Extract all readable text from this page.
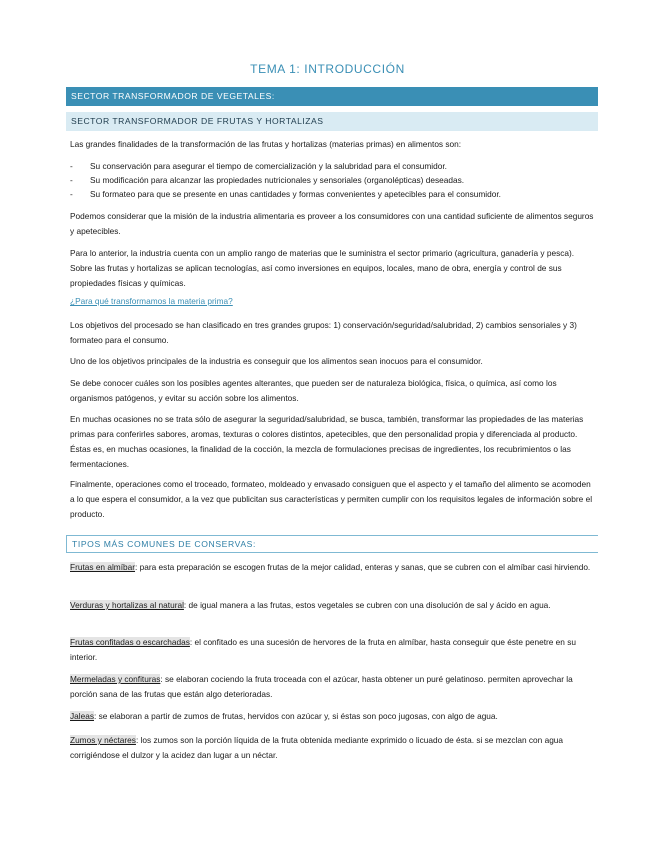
TEMA 1: INTRODUCCIÓN
SECTOR TRANSFORMADOR DE VEGETALES:
SECTOR TRANSFORMADOR DE FRUTAS Y HORTALIZAS

Las grandes finalidades de la transformación de las frutas y hortalizas (materias primas) en alimentos son:

- Su conservación para asegurar el tiempo de comercialización y la salubridad para el consumidor.
- Su modificación para alcanzar las propiedades nutricionales y sensoriales (organolépticas) deseadas.
- Su formateo para que se presente en unas cantidades y formas convenientes y apetecibles para el consumidor.

Podemos considerar que la misión de la industria alimentaria es proveer a los consumidores con una cantidad suficiente de alimentos seguros y apetecibles.

Para lo anterior, la industria cuenta con un amplio rango de materias que le suministra el sector primario (agricultura, ganadería y pesca). Sobre las frutas y hortalizas se aplican tecnologías, así como inversiones en equipos, locales, mano de obra, energía y control de sus propiedades físicas y químicas.

¿Para qué transformamos la materia prima?

Los objetivos del procesado se han clasificado en tres grandes grupos: 1) conservación/seguridad/salubridad, 2) cambios sensoriales y 3) formateo para el consumo.

Uno de los objetivos principales de la industria es conseguir que los alimentos sean inocuos para el consumidor.

Se debe conocer cuáles son los posibles agentes alterantes, que pueden ser de naturaleza biológica, física, o química, así como los organismos patógenos, y evitar su acción sobre los alimentos.

En muchas ocasiones no se trata sólo de asegurar la seguridad/salubridad, se busca, también, transformar las propiedades de las materias primas para conferirles sabores, aromas, texturas o colores distintos, apetecibles, que den personalidad propia y diferenciada al producto. Éstas es, en muchas ocasiones, la finalidad de la cocción, la mezcla de formulaciones precisas de ingredientes, los recubrimientos o las fermentaciones.

Finalmente, operaciones como el troceado, formateo, moldeado y envasado consiguen que el aspecto y el tamaño del alimento se acomoden a lo que espera el consumidor, a la vez que publicitan sus características y permiten cumplir con los requisitos legales de información sobre el producto.

TIPOS MÁS COMUNES DE CONSERVAS:

Frutas en almíbar: para esta preparación se escogen frutas de la mejor calidad, enteras y sanas, que se cubren con el almíbar casi hirviendo.

Verduras y hortalizas al natural: de igual manera a las frutas, estos vegetales se cubren con una disolución de sal y ácido en agua.

Frutas confitadas o escarchadas: el confitado es una sucesión de hervores de la fruta en almíbar, hasta conseguir que éste penetre en su interior.

Mermeladas y confituras: se elaboran cociendo la fruta troceada con el azúcar, hasta obtener un puré gelatinoso. permiten aprovechar la porción sana de las frutas que están algo deterioradas.

Jaleas: se elaboran a partir de zumos de frutas, hervidos con azúcar y, si éstas son poco jugosas, con algo de agua.

Zumos y néctares: los zumos son la porción líquida de la fruta obtenida mediante exprimido o licuado de ésta. si se mezclan con agua corrigiéndose el dulzor y la acidez dan lugar a un néctar.
